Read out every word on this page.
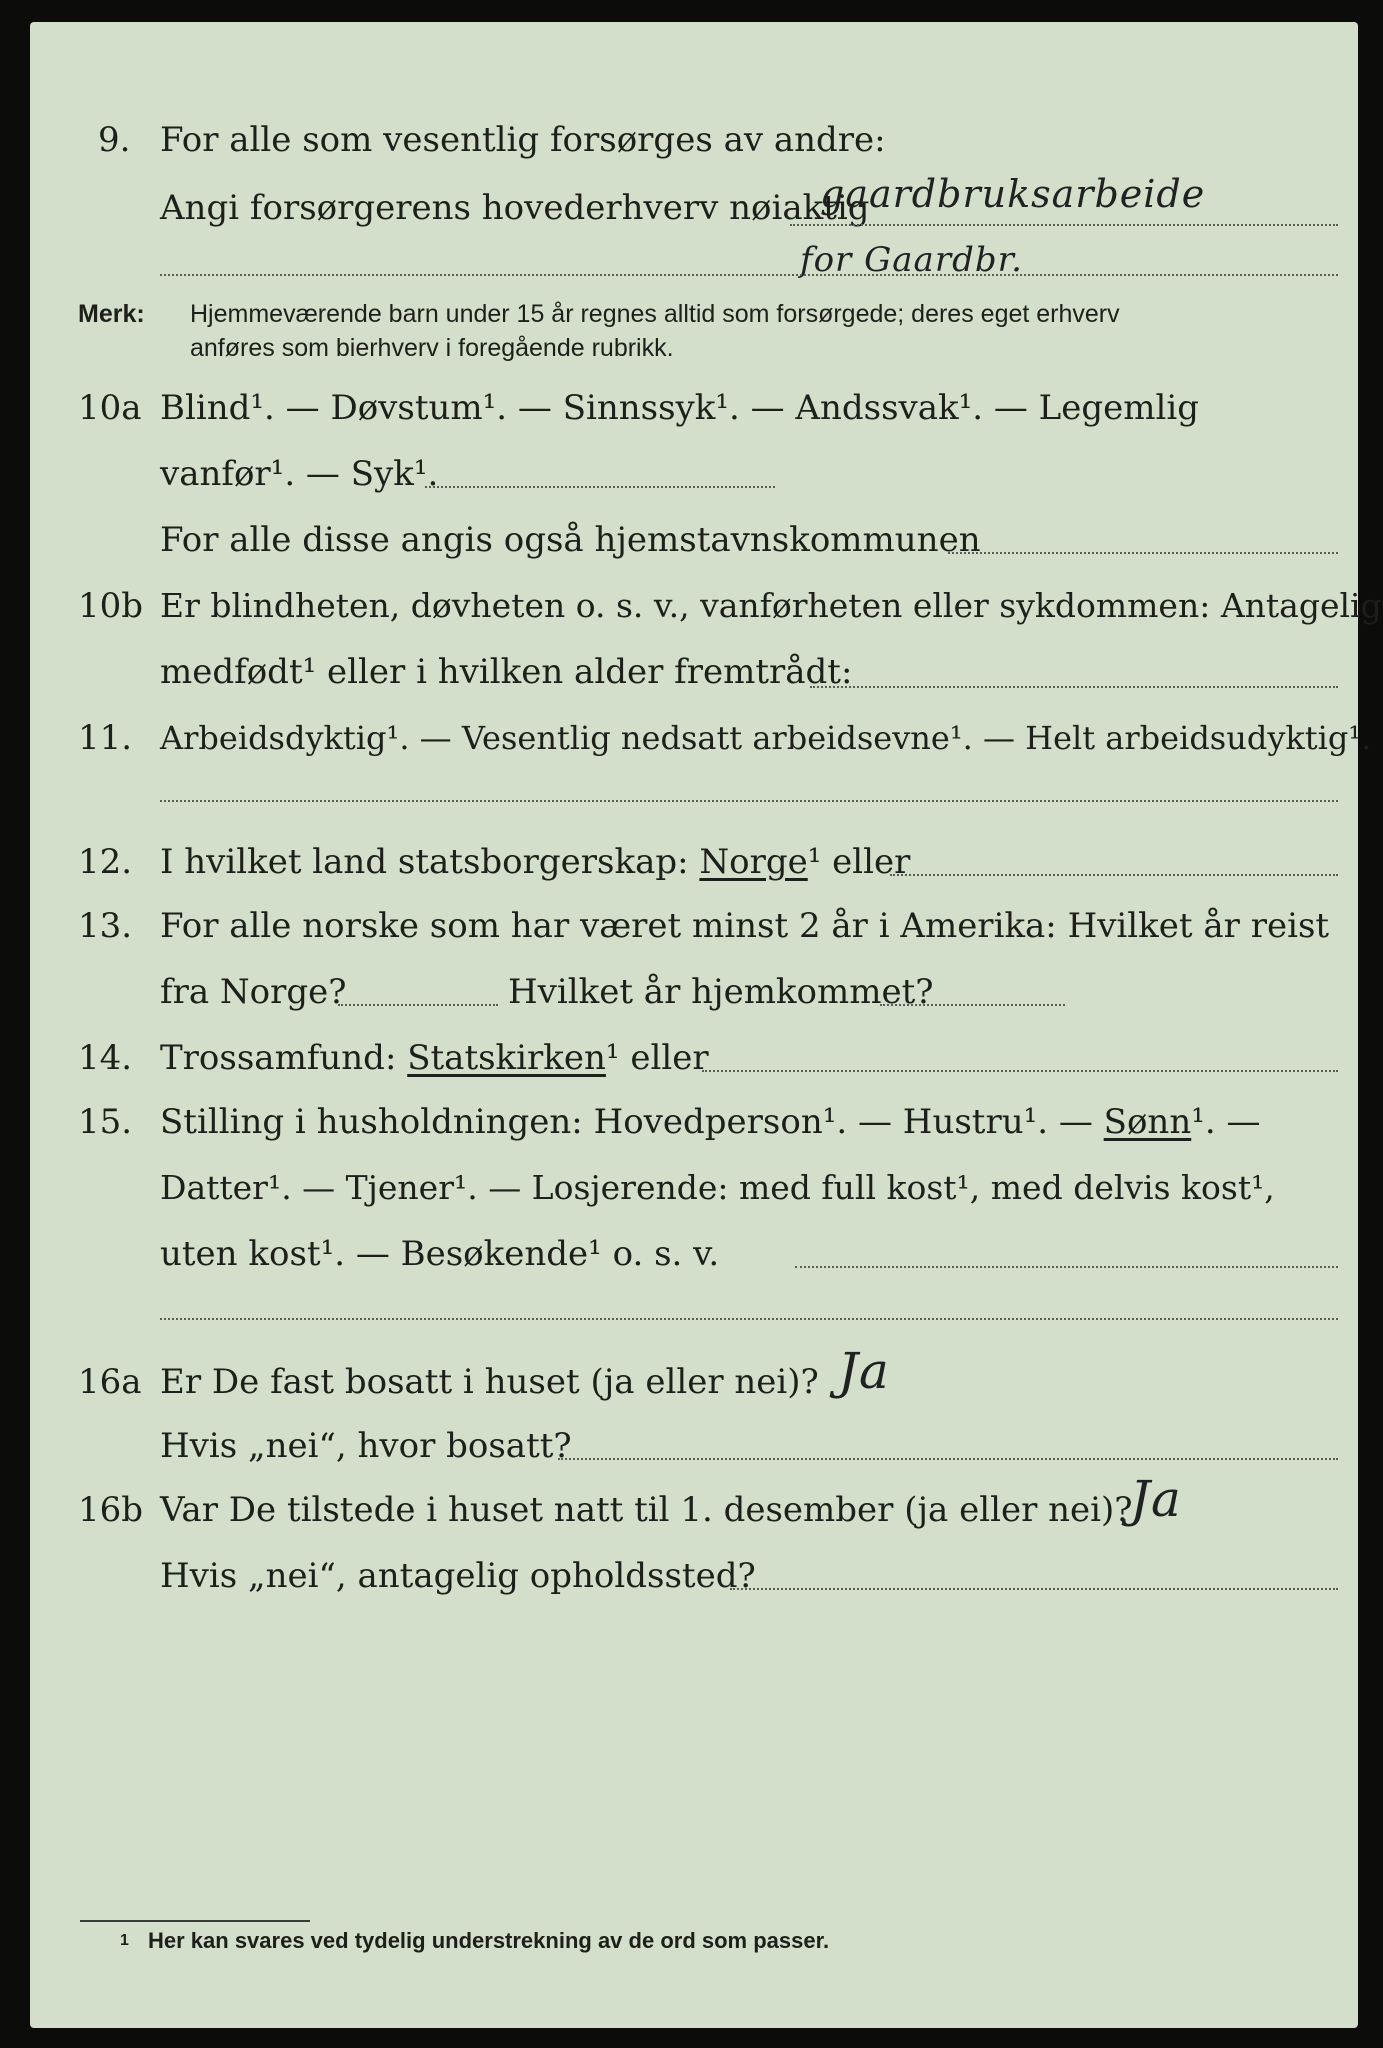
9. For alle som vesentlig forsørges av andre:
Angi forsørgerens hovederhverv nøiaktig
gaardbruksarbeide
for Gaardbr.
Merk: Hjemmeværende barn under 15 år regnes alltid som forsørgede; deres eget erhverv
anføres som bierhverv i foregående rubrikk.
10a Blind¹. — Døvstum¹. — Sinnssyk¹. — Andssvak¹. — Legemlig
vanfør¹. — Syk¹.
For alle disse angis også hjemstavnskommunen
10b Er blindheten, døvheten o. s. v., vanførheten eller sykdommen: Antagelig
medfødt¹ eller i hvilken alder fremtrådt:
11. Arbeidsdyktig¹. — Vesentlig nedsatt arbeidsevne¹. — Helt arbeidsudyktig¹.
12. I hvilket land statsborgerskap: Norge¹ eller
13. For alle norske som har været minst 2 år i Amerika: Hvilket år reist
fra Norge?	Hvilket år hjemkommet?
14. Trossamfund: Statskirken¹ eller
15. Stilling i husholdningen: Hovedperson¹. — Hustru¹. — Sønn¹. —
Datter¹. — Tjener¹. — Losjerende: med full kost¹, med delvis kost¹,
uten kost¹. — Besøkende¹ o. s. v.
16a Er De fast bosatt i huset (ja eller nei)? Ja
Hvis „nei“, hvor bosatt?
16b Var De tilstede i huset natt til 1. desember (ja eller nei)?
Ja
Hvis „nei“, antagelig opholdssted?
1 Her kan svares ved tydelig understrekning av de ord som passer.
